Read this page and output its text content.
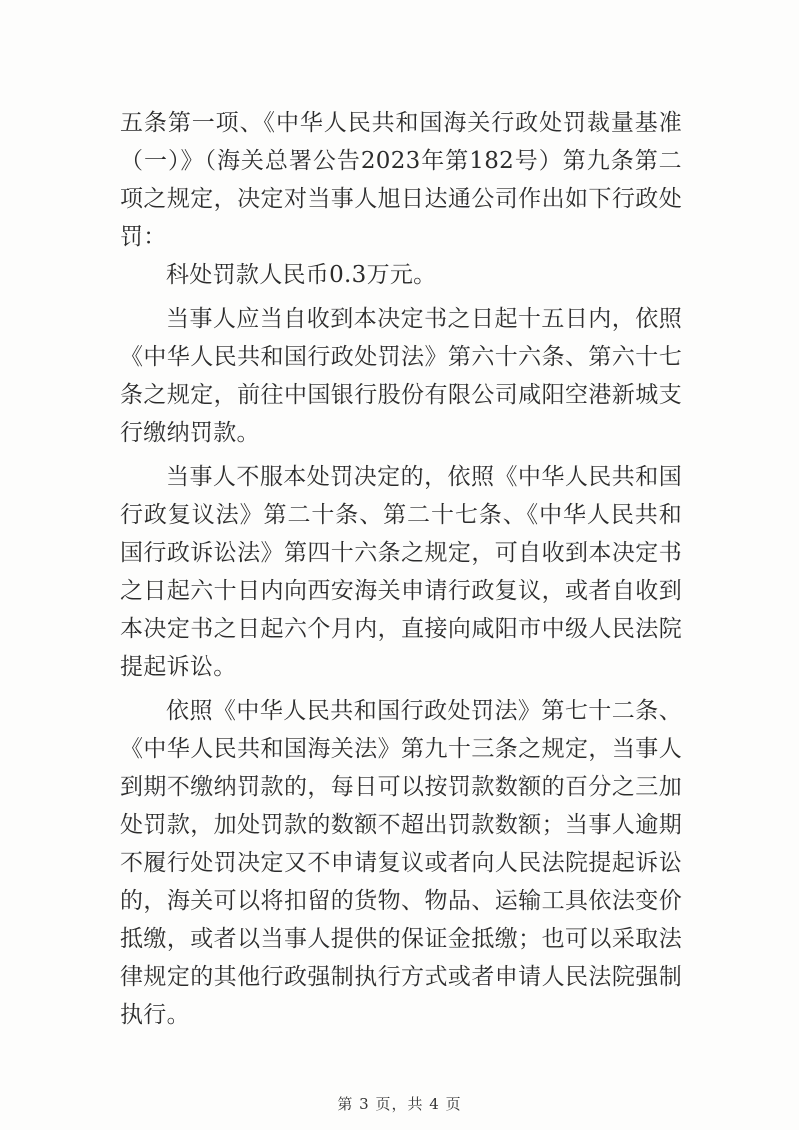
五条第一项、《中华人民共和国海关行政处罚裁量基准（一）》（海关总署公告2023年第182号）第九条第二项之规定，决定对当事人旭日达通公司作出如下行政处罚：

科处罚款人民币0.3万元。

当事人应当自收到本决定书之日起十五日内，依照《中华人民共和国行政处罚法》第六十六条、第六十七条之规定，前往中国银行股份有限公司咸阳空港新城支行缴纳罚款。

当事人不服本处罚决定的，依照《中华人民共和国行政复议法》第二十条、第二十七条、《中华人民共和国行政诉讼法》第四十六条之规定，可自收到本决定书之日起六十日内向西安海关申请行政复议，或者自收到本决定书之日起六个月内，直接向咸阳市中级人民法院提起诉讼。

依照《中华人民共和国行政处罚法》第七十二条、《中华人民共和国海关法》第九十三条之规定，当事人到期不缴纳罚款的，每日可以按罚款数额的百分之三加处罚款，加处罚款的数额不超出罚款数额；当事人逾期不履行处罚决定又不申请复议或者向人民法院提起诉讼的，海关可以将扣留的货物、物品、运输工具依法变价抵缴，或者以当事人提供的保证金抵缴；也可以采取法律规定的其他行政强制执行方式或者申请人民法院强制执行。

第 3 页，共 4 页
